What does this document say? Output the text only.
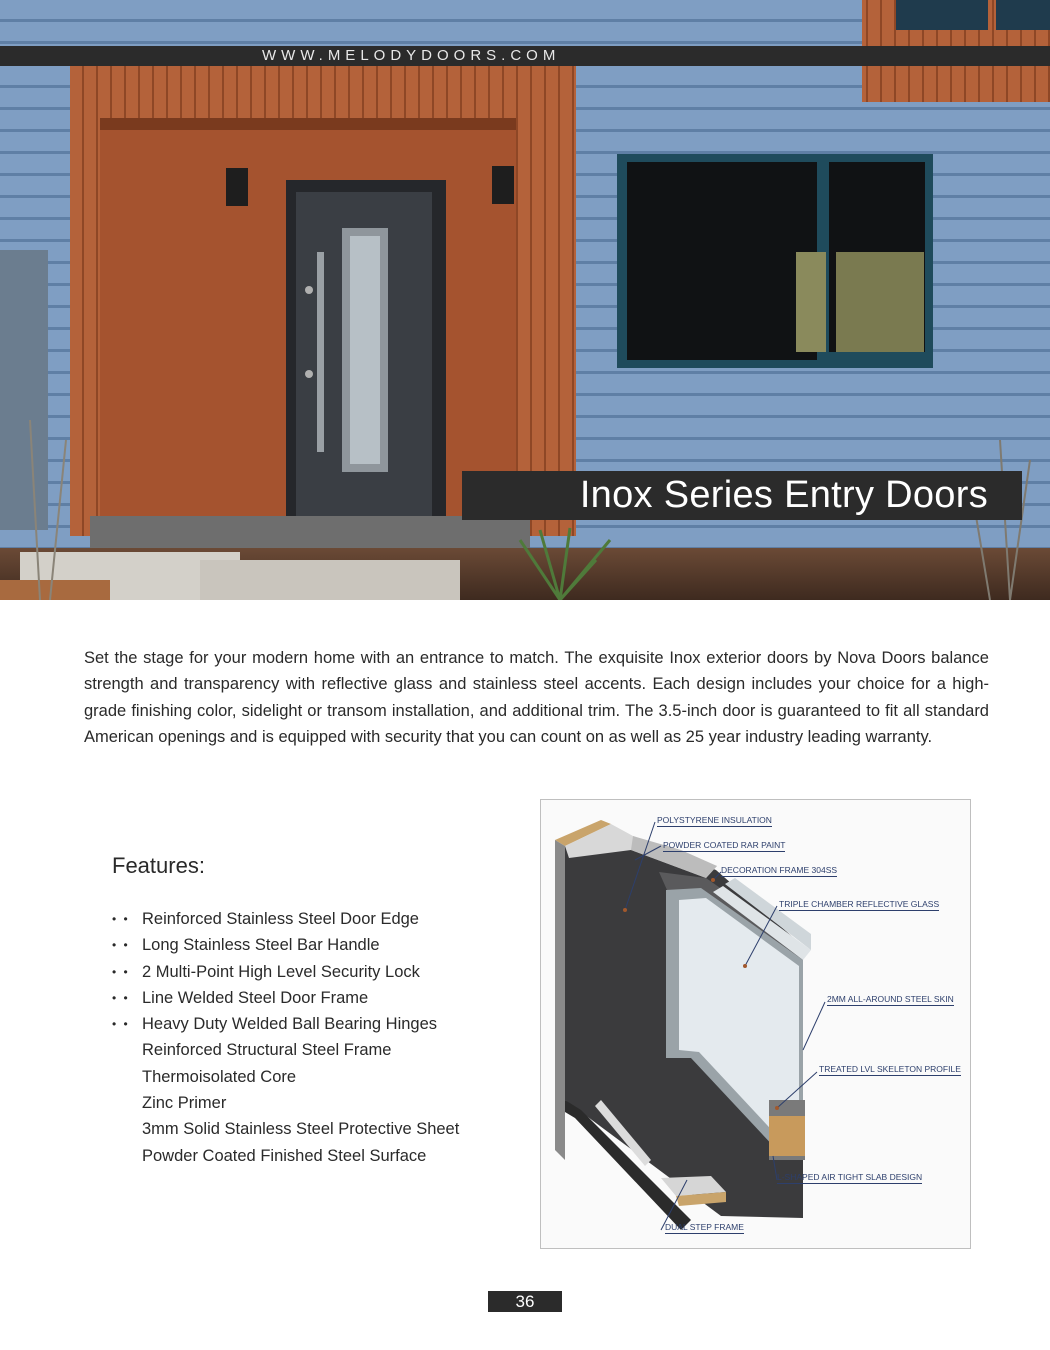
WWW.MELODYDOORS.COM
Inox Series Entry Doors

Set the stage for your modern home with an entrance to match. The exquisite Inox exterior doors by Nova Doors balance strength and transparency with reflective glass and stainless steel accents. Each design includes your choice for a high-grade finishing color, sidelight or transom installation, and additional trim. The 3.5-inch door is guaranteed to fit all standard American openings and is equipped with security that you can count on as well as 25 year industry leading warranty.

Features:
• • Reinforced Stainless Steel Door Edge
• • Long Stainless Steel Bar Handle
• • 2 Multi-Point High Level Security Lock
• • Line Welded Steel Door Frame
• • Heavy Duty Welded Ball Bearing Hinges
Reinforced Structural Steel Frame
Thermoisolated Core
Zinc Primer
3mm Solid Stainless Steel Protective Sheet
Powder Coated Finished Steel Surface
POLYSTYRENE INSULATION
POWDER COATED RAR PAINT
DECORATION FRAME 304SS
TRIPLE CHAMBER REFLECTIVE GLASS
2MM ALL-AROUND STEEL SKIN
TREATED LVL SKELETON PROFILE
L-SHAPED AIR TIGHT SLAB DESIGN
DUAL STEP FRAME
36
